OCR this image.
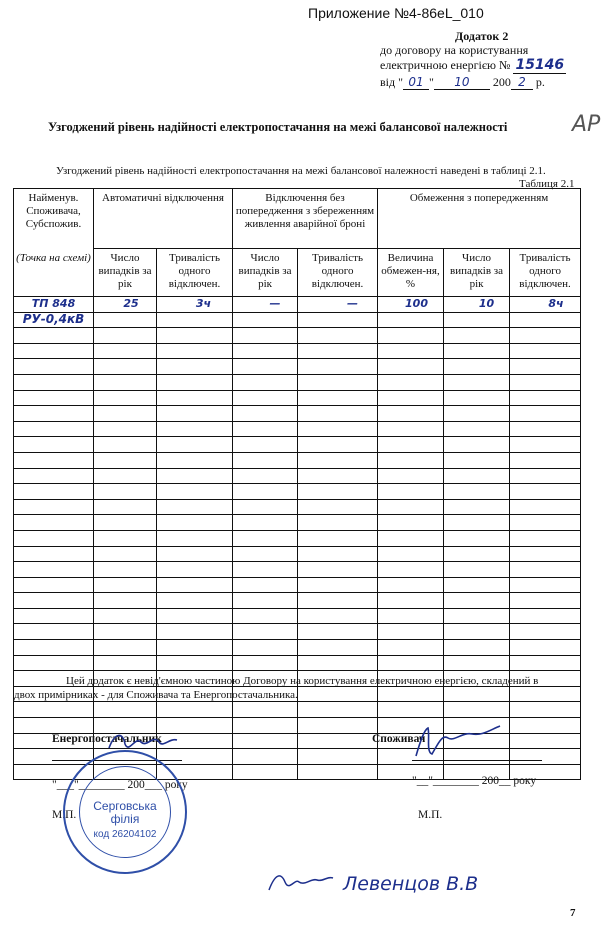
Приложение №4-86eL_010
Додаток 2
до договору на користування
електричною енергією № 15146
від " 01 " 10 200 2 р.
Узгоджений рівень надійності електропостачання на межі балансової належності	АР
Узгоджений рівень надійності електропостачання на межі балансової належності наведені в таблиці 2.1.
Таблиця 2.1
Найменув. Споживача, Субспожив.	Автоматичні відключення		Відключення без попередження з збереженням живлення аварійної броні		Обмеження з попередженням		
(Точка на схемі)	Число випадків за рік	Тривалість одного відключен.	Число випадків за рік	Тривалість одного відключен.	Величина обмежен-ня, %	Число випадків за рік	Тривалість одного відключен.
ТП 848	25	3ч	—	—	100	10	8ч
РУ-0,4кВ							

Цей додаток є невід'ємною частиною Договору на користування електричною енергією, складений в двох примірниках - для Споживача та Енергопостачальника.
Енергопостачальник
"___"________ 200___ року
М.П.
Серговська філія
код 26204102
Споживач
"__"________ 200__ року
М.П.
Левенцов В.В
7
